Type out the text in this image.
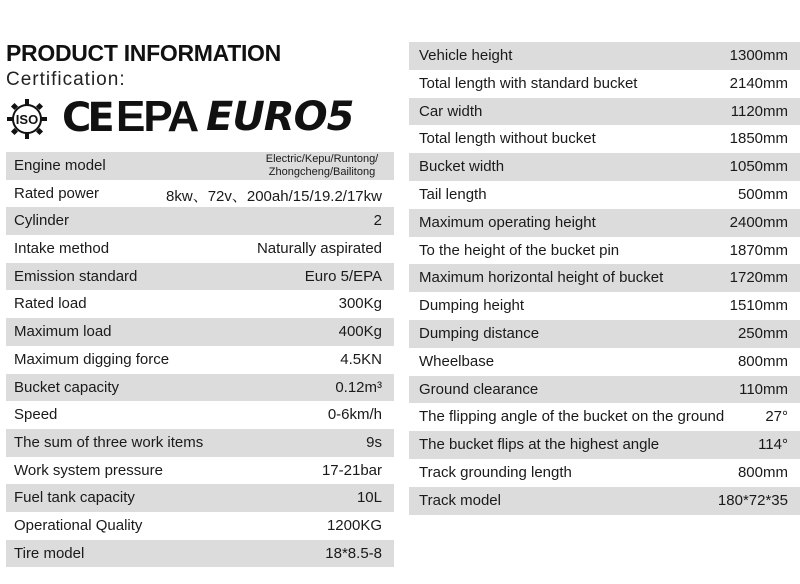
PRODUCT INFORMATION
Certification:
ISO CE EPA EURO5
Engine model	Electric/Kepu/Runtong/
Zhongcheng/Bailitong
Rated power	8kw、72v、200ah/15/19.2/17kw
Cylinder	2
Intake method	Naturally aspirated
Emission standard	Euro 5/EPA
Rated load	300Kg
Maximum load	400Kg
Maximum digging force	4.5KN
Bucket capacity	0.12m³
Speed	0-6km/h
The sum of three work items	9s
Work system pressure	17-21bar
Fuel tank capacity	10L
Operational Quality	1200KG
Tire model	18*8.5-8
Vehicle height	1300mm
Total length with standard bucket	2140mm
Car width	1120mm
Total length without bucket	1850mm
Bucket width	1050mm
Tail length	500mm
Maximum operating height	2400mm
To the height of the bucket pin	1870mm
Maximum horizontal height of bucket	1720mm
Dumping height	1510mm
Dumping distance	250mm
Wheelbase	800mm
Ground clearance	110mm
The flipping angle of the bucket on the ground	27°
The bucket flips at the highest angle	114°
Track grounding length	800mm
Track model	180*72*35
